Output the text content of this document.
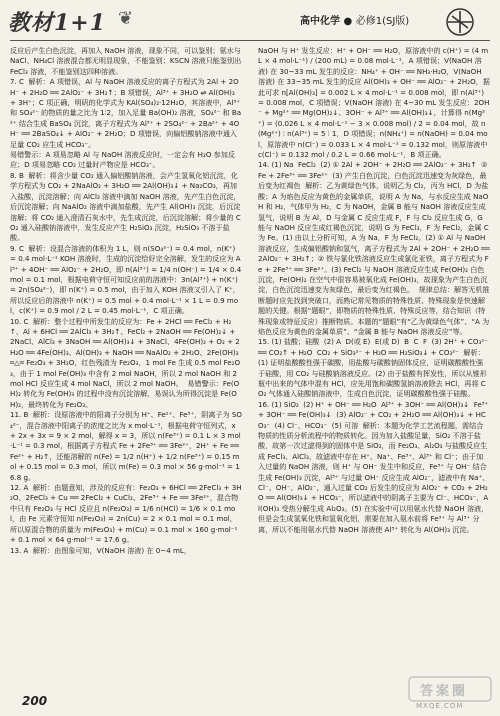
教材1+1 ❦	高中化学 ● 必修1(SJ版)

反应后产生白色沉淀，再加入 NaOH 溶液，现象不同，可以鉴别；氨水与 NaCl、NH₄Cl 溶液混合都无明显现象，不能鉴别；KSCN 溶液只能鉴别出 FeCl₃ 溶液，不能鉴别这四种溶液。

7. C  解析：A 项错误，Al 与 NaOH 溶液反应的离子方程式为 2Al + 2OH⁻ + 2H₂O ══ 2AlO₂⁻ + 3H₂↑；B 项错误，Al³⁺ + 3H₂O ⇌ Al(OH)₃ + 3H⁺；C 项正确，明矾的化学式为 KAl(SO₄)₂·12H₂O，其溶液中，Al³⁺ 和 SO₄²⁻ 的物质的量之比为 1∶2，加入足量 Ba(OH)₂ 溶液，SO₄²⁻ 和 Ba²⁺ 结合生成 BaSO₄ 沉淀，离子方程式为 Al³⁺ + 2SO₄²⁻ + 2Ba²⁺ + 4OH⁻ ══ 2BaSO₄↓ + AlO₂⁻ + 2H₂O；D 项错误，向偏铝酸钠溶液中通入足量 CO₂ 应生成 HCO₃⁻。

易错警示：A 项易忽略 Al 与 NaOH 溶液反应时，一定会有 H₂O 参加反应；D 项易忽略 CO₂ 过量时产物应是 HCO₃⁻。

8. B  解析：将含少量 CO₂ 通入偏铝酸钠溶液，会产生氢氧化铝沉淀，化学方程式为 CO₂ + 2NaAlO₂ + 3H₂O ══ 2Al(OH)₃↓ + Na₂CO₃，再加入盐酸，沉淀溶解；向 AlCl₃ 溶液中滴加 NaOH 溶液，先产生白色沉淀，后沉淀溶解；向 NaAlO₂ 溶液中滴加盐酸，先产生 Al(OH)₃ 沉淀，后沉淀溶解；将 CO₂ 通入澄清石灰水中，先生成沉淀，后沉淀溶解；将少量的 CO₂ 通入硅酸钠溶液中，发生反应产生 H₂SiO₃ 沉淀，H₂SiO₃ 不溶于盐酸。

9. C  解析：设混合溶液的体积为 1 L，则 n(SO₄²⁻) = 0.4 mol，n(K⁺) = 0.4 mol·L⁻¹ KOH 溶液时，生成的沉淀恰好完全溶解，发生的反应为 Al³⁺ + 4OH⁻ ══ AlO₂⁻ + 2H₂O，即 n(Al³⁺) = 1/4 n(OH⁻) = 1/4 × 0.4 mol = 0.1 mol，根据电荷守恒可知反应前的溶液中：3n(Al³⁺) + n(K⁺) = 2n(SO₄²⁻)，即 n(K⁺) = 0.5 mol，由于加入 KOH 溶液又引入了 K⁺，所以反应后的溶液中 n(K⁺) = 0.5 mol + 0.4 mol·L⁻¹ × 1 L = 0.9 mol，c(K⁺) = 0.9 mol / 2 L = 0.45 mol·L⁻¹，C 项正确。

10. C  解析：整个过程中所发生的反应为：Fe + 2HCl ══ FeCl₂ + H₂↑、Al + 6HCl ══ 2AlCl₃ + 3H₂↑、FeCl₂ + 2NaOH ══ Fe(OH)₂↓ + 2NaCl、AlCl₃ + 3NaOH ══ Al(OH)₃↓ + 3NaCl、4Fe(OH)₂ + O₂ + 2H₂O ══ 4Fe(OH)₃、Al(OH)₃ + NaOH ══ NaAlO₂ + 2H₂O、2Fe(OH)₃ ═△═ Fe₂O₃ + 3H₂O，红色残渣为 Fe₂O₃，1 mol Fe 生成 0.5 mol Fe₂O₃，由于 1 mol Fe(OH)₃ 中含有 2 mol NaOH，所以 2 mol NaOH 和 2 mol HCl 反应生成 4 mol NaCl，所以 2 mol NaOH。  易错警示：Fe(OH)₂ 转化为 Fe(OH)₃ 的过程中没有沉淀溶解，易误认为所得沉淀是 Fe(OH)₂，最终转化为 Fe₂O₃。

11. B  解析：设原溶液中的阳离子分别为 H⁺、Fe²⁺、Fe³⁺，阴离子为 SO₄²⁻，混合溶液中阳离子的浓度之比为 x mol·L⁻¹，根据电荷守恒列式，x + 2x + 3x = 9 × 2 mol，解得 x = 3，所以 n(Fe³⁺) = 0.1 L × 3 mol·L⁻¹ = 0.3 mol，根据离子方程式 Fe + 2Fe³⁺ ══ 3Fe²⁺，2H⁺ + Fe ══ Fe²⁺ + H₂↑，还能溶解的 n(Fe) = 1/2 n(H⁺) + 1/2 n(Fe³⁺) = 0.15 mol + 0.15 mol = 0.3 mol，所以 m(Fe) = 0.3 mol × 56 g·mol⁻¹ = 16.8 g。

12. A  解析：由题意知，涉及的反应有：Fe₂O₃ + 6HCl ══ 2FeCl₃ + 3H₂O、2FeCl₃ + Cu ══ 2FeCl₂ + CuCl₂、2Fe³⁺ + Fe ══ 3Fe²⁺，混合物中只有 Fe₂O₃ 与 HCl 反应且 n(Fe₂O₃) = 1/6 n(HCl) = 1/6 × 0.1 mol，由 Fe 元素守恒知 n(Fe₂O₃) = 2n(Cu) = 2 × 0.1 mol = 0.1 mol，所以原混合物的质量为 m(Fe₂O₃) + m(Cu) = 0.1 mol × 160 g·mol⁻¹ + 0.1 mol × 64 g·mol⁻¹ = 17.6 g。

13. A  解析：由图象可知，V(NaOH 溶液) 在 0~4 mL，

NaOH 与 H⁺ 发生反应：H⁺ + OH⁻ ══ H₂O，原溶液中的 c(H⁺) = (4 mL × 4 mol·L⁻¹) / (200 mL) = 0.08 mol·L⁻¹，A 项错误；V(NaOH 溶液) 在 30~33 mL 发生的反应：NH₄⁺ + OH⁻ ══ NH₃·H₂O，V(NaOH 溶液) 在 33~35 mL 发生的反应 Al(OH)₃ + OH⁻ ══ AlO₂⁻ + 2H₂O，据此可求 n[Al(OH)₃] = 0.002 L × 4 mol·L⁻¹ = 0.008 mol，即 n(Al³⁺) = 0.008 mol，C 项错误；V(NaOH 溶液) 在 4~30 mL 发生反应：2OH⁻ + Mg²⁺ ══ Mg(OH)₂↓、3OH⁻ + Al³⁺ ══ Al(OH)₃↓，计算得 n(Mg²⁺) = (0.026 L × 4 mol·L⁻¹ − 3 × 0.008 mol) / 2 = 0.04 mol，故 n(Mg²⁺) ∶ n(Al³⁺) = 5 ∶ 1，D 项错误；n(NH₄⁺) = n(NaOH) = 0.04 mol，原溶液中 n(Cl⁻) = 0.033 L × 4 mol·L⁻¹ = 0.132 mol，则原溶液中 c(Cl⁻) = 0.132 mol / 0.2 L = 0.66 mol·L⁻¹，B 项正确。

14. (1) Na  FeCl₂  (2) ① 2Al + 2OH⁻ + 2H₂O ══ 2AlO₂⁻ + 3H₂↑  ② Fe + 2Fe³⁺ ══ 3Fe²⁺  (3) 产生白色沉淀，白色沉淀迅速变为灰绿色，最后变为红褐色  解析：乙为黄绿色气体，说明乙为 Cl₂，丙为 HCl，D 为盐酸；A 为焰色反应为黄色的金属单质，说明 A 为 Na，与水反应生成 NaOH 和 H₂，气体甲为 H₂，C 为 NaOH，金属 B 能与 NaOH 溶液反应生成氢气，说明 B 为 Al，D 与金属 C 反应生成 F，F 与 Cl₂ 反应生成 G，G 能与 NaOH 反应生成红褐色沉淀，说明 G 为 FeCl₃，F 为 FeCl₂，金属 C 为 Fe。(1) 由以上分析可知，A 为 Na，F 为 FeCl₂。(2) ① Al 与 NaOH 溶液反应，生成偏铝酸钠和氢气，离子方程式为 2Al + 2OH⁻ + 2H₂O ══ 2AlO₂⁻ + 3H₂↑；② 铁与氯化铁溶液反应生成氯化亚铁，离子方程式为 Fe + 2Fe³⁺ ══ 3Fe²⁺。(3) FeCl₂ 与 NaOH 溶液反应生成 Fe(OH)₂ 白色沉淀，Fe(OH)₂ 在空气中很容易被氧化成 Fe(OH)₃，故现象为产生白色沉淀，白色沉淀迅速变为灰绿色，最后变为红褐色。  规律总结：解答无机推断题时应先找到突破口，而熟记常见物质的特殊性质、特殊现象是快速解题的关键。根据“题眼”，即物质的特殊性质、特殊反应等，结合知识（特殊现象或特征反应）推断物质。本题的“题眼”有“乙为黄绿色气体”、“A 为焰色反应为黄色的金属单质”、“金属 B 能与 NaOH 溶液反应”等。

15. (1) 盐酸；硅酸  (2) A  D(或 E)  E(或 D)  B  C  F  (3) 2H⁺ + CO₃²⁻ ══ CO₂↑ + H₂O  CO₂ + SiO₃²⁻ + H₂O ══ H₂SiO₃↓ + CO₃²⁻  解析：(1) 证明盐酸酸性强于碳酸，用盐酸与碳酸钠固体反应，证明碳酸酸性强于硅酸，用 CO₂ 与硅酸钠溶液反应。(2) 由于盐酸有挥发性，所以从锥形瓶中出来的气体中混有 HCl，应先用饱和碳酸氢钠溶液除去 HCl，再将 CO₂ 气体通入硅酸钠溶液中，生成白色沉淀，证明碳酸酸性强于硅酸。

16. (1) SiO₂  (2) H⁺ + OH⁻ ══ H₂O  Al³⁺ + 3OH⁻ ══ Al(OH)₃↓  Fe³⁺ + 3OH⁻ ══ Fe(OH)₃↓  (3) AlO₂⁻ + CO₂ + 2H₂O ══ Al(OH)₃↓ + HCO₃⁻  (4) Cl⁻、HCO₃⁻  (5) 可溶  解析：本题为化学工艺流程题，需结合物质的性质分析流程中的物质转化。因为加入盐酸足量，SiO₂ 不溶于盐酸，故第一次过滤得到的固体中是 SiO₂，而 Fe₂O₃、Al₂O₃ 与盐酸反应生成 FeCl₃、AlCl₃，故滤液中存在 H⁺、Na⁺、Fe³⁺、Al³⁺ 和 Cl⁻；由于加入过量的 NaOH 溶液，则 H⁺ 与 OH⁻ 发生中和反应，Fe³⁺ 与 OH⁻ 结合生成 Fe(OH)₃ 沉淀，Al³⁺ 与过量 OH⁻ 反应生成 AlO₂⁻，滤液中有 Na⁺、Cl⁻、OH⁻、AlO₂⁻，通入过量 CO₂ 后发生的反应为 AlO₂⁻ + CO₂ + 2H₂O ══ Al(OH)₃↓ + HCO₃⁻，所以滤液中的阴离子主要为 Cl⁻、HCO₃⁻，Al(OH)₃ 受热分解生成 Al₂O₃。(5) 在实验中可以用氨水代替 NaOH 溶液，但是会生成氢氧化铁和氢氧化铝，需要在加入氨水前将 Fe³⁺ 与 Al³⁺ 分离，所以不能用氨水代替 NaOH 溶液使 Al³⁺ 转化为 Al(OH)₃ 沉淀。

200
答案圈
MXQE.COM
